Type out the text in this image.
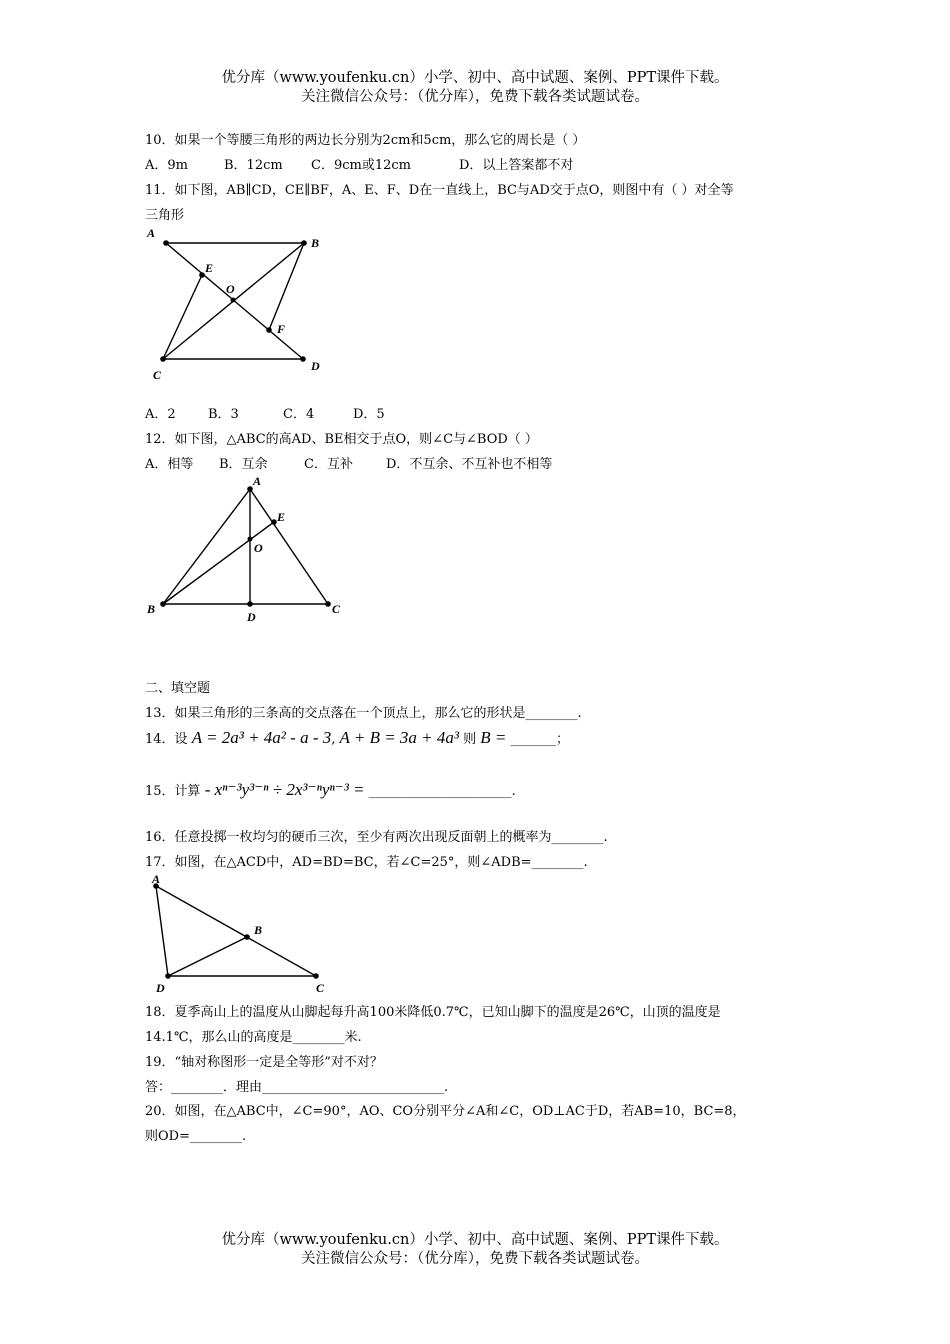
优分库（www.youfenku.cn）小学、初中、高中试题、案例、PPT课件下载。
关注微信公众号：（优分库），免费下载各类试题试卷。
10．如果一个等腰三角形的两边长分别为2cm和5cm，那么它的周长是（ ）
A．9m	B．12cm C．9cm或12cm	D．以上答案都不对
11．如下图，AB∥CD，CE∥BF，A、E、F、D在一直线上，BC与AD交于点O，则图中有（ ）对全等
三角形
A
B
C
D
E
F
O
A．2 B．3	C．4	D．5
12．如下图，△ABC的高AD、BE相交于点O，则∠C与∠BOD（ ）
A．相等 B．互余	C．互补	D．不互余、不互补也不相等
A
B	C
D
E
O
二、填空题
13．如果三角形的三条高的交点落在一个顶点上，那么它的形状是________.
14．设 A = 2a³ + 4a² - a - 3, A + B = 3a + 4a³ 则 B = _______；
15．计算 - xⁿ⁻³y³⁻ⁿ ÷ 2x³⁻ⁿyⁿ⁻³ = ______________________.
16．任意投掷一枚均匀的硬币三次，至少有两次出现反面朝上的概率为________.
17．如图，在△ACD中，AD=BD=BC，若∠C=25°，则∠ADB=________.
A
B
C
D
18．夏季高山上的温度从山脚起每升高100米降低0.7℃，已知山脚下的温度是26℃，山顶的温度是
14.1℃，那么山的高度是________米.
19．“轴对称图形一定是全等形”对不对？
答：________．理由____________________________.
20．如图，在△ABC中，∠C=90°，AO、CO分别平分∠A和∠C，OD⊥AC于D，若AB=10，BC=8，
则OD=________.
优分库（www.youfenku.cn）小学、初中、高中试题、案例、PPT课件下载。
关注微信公众号：（优分库），免费下载各类试题试卷。
